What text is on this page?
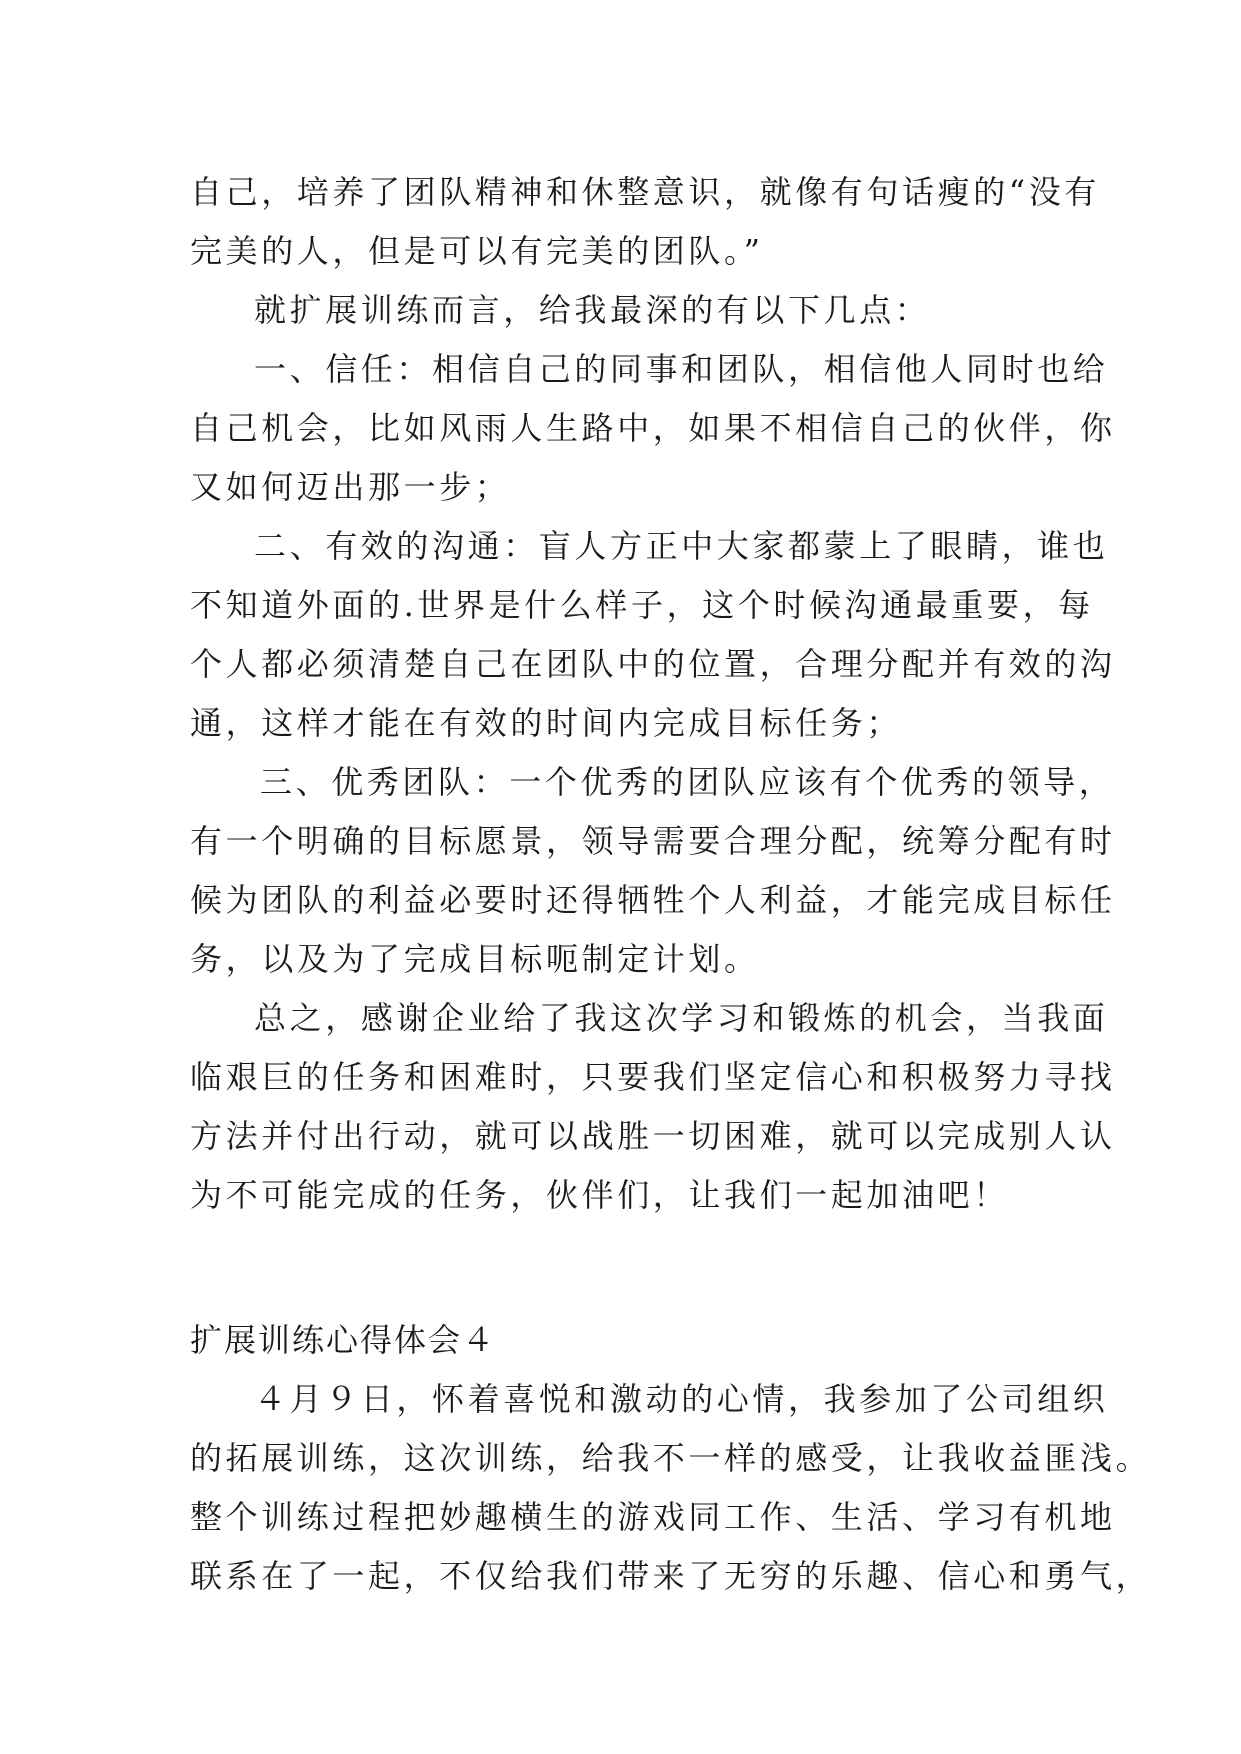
自己，培养了团队精神和休整意识，就像有句话瘦的“没有
完美的人，但是可以有完美的团队。”
就扩展训练而言，给我最深的有以下几点：
一、信任：相信自己的同事和团队，相信他人同时也给
自己机会，比如风雨人生路中，如果不相信自己的伙伴，你
又如何迈出那一步；
二、有效的沟通：盲人方正中大家都蒙上了眼睛，谁也
不知道外面的.世界是什么样子，这个时候沟通最重要，每
个人都必须清楚自己在团队中的位置，合理分配并有效的沟
通，这样才能在有效的时间内完成目标任务；
三、优秀团队：一个优秀的团队应该有个优秀的领导，
有一个明确的目标愿景，领导需要合理分配，统筹分配有时
候为团队的利益必要时还得牺牲个人利益，才能完成目标任
务，以及为了完成目标呃制定计划。
总之，感谢企业给了我这次学习和锻炼的机会，当我面
临艰巨的任务和困难时，只要我们坚定信心和积极努力寻找
方法并付出行动，就可以战胜一切困难，就可以完成别人认
为不可能完成的任务，伙伴们，让我们一起加油吧！
扩展训练心得体会４
４月９日，怀着喜悦和激动的心情，我参加了公司组织
的拓展训练，这次训练，给我不一样的感受，让我收益匪浅。
整个训练过程把妙趣横生的游戏同工作、生活、学习有机地
联系在了一起，不仅给我们带来了无穷的乐趣、信心和勇气，
